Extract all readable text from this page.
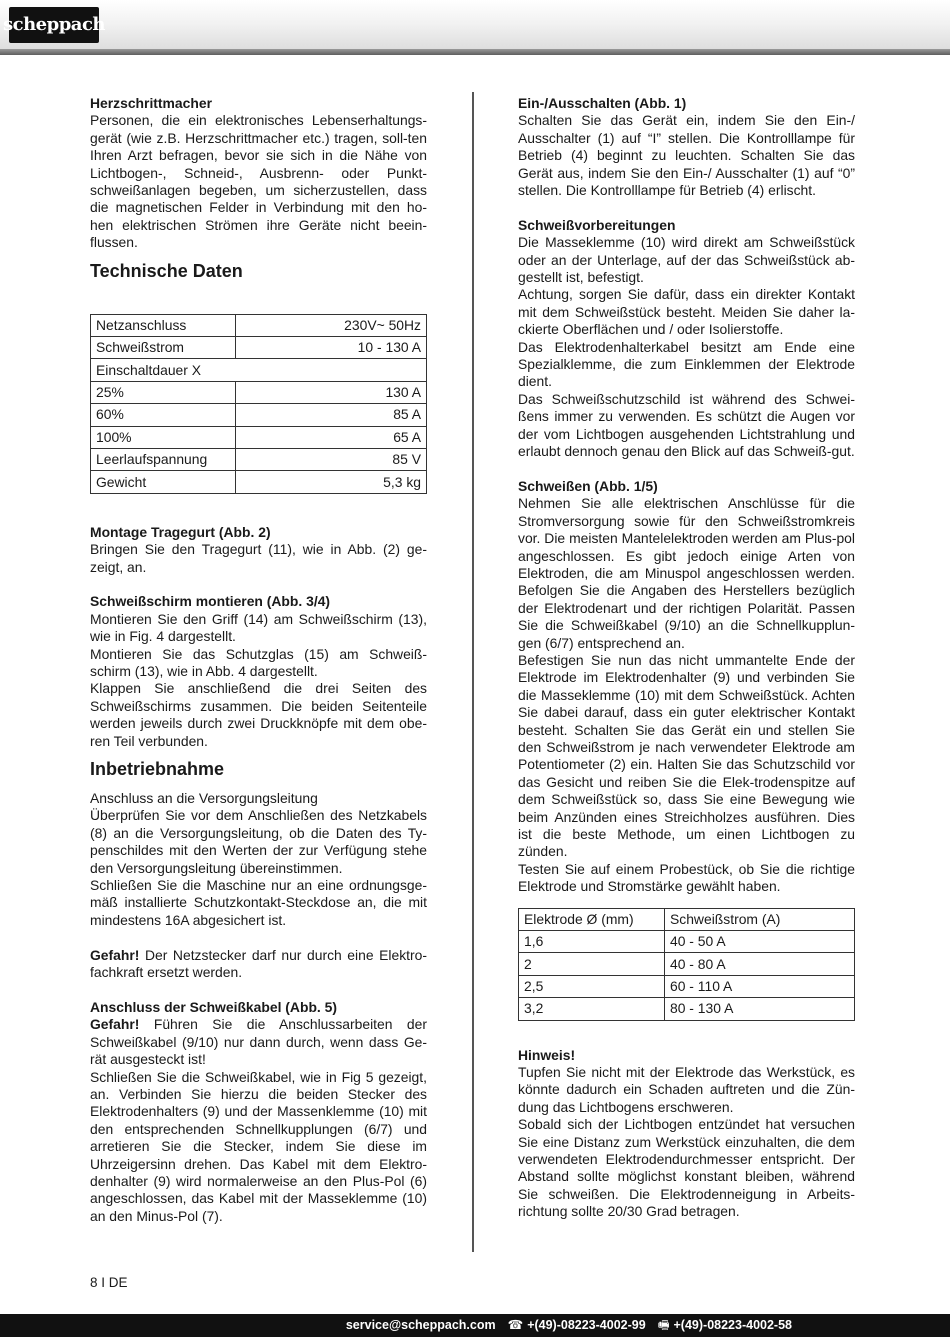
scheppach
Herzschrittmacher

Personen, die ein elektronisches Lebenserhaltungs-gerät (wie z.B. Herzschrittmacher etc.) tragen, soll-ten Ihren Arzt befragen, bevor sie sich in die Nähe von Lichtbogen-, Schneid-, Ausbrenn- oder Punkt-schweißanlagen begeben, um sicherzustellen, dass die magnetischen Felder in Verbindung mit den ho-hen elektrischen Strömen ihre Geräte nicht beein-flussen.

Technische Daten
Netzanschluss	230V~ 50Hz
Schweißstrom	10 - 130 A
Einschaltdauer X	
25%	130 A
60%	85 A
100%	65 A
Leerlaufspannung	85 V
Gewicht	5,3 kg
Montage Tragegurt (Abb. 2)

Bringen Sie den Tragegurt (11), wie in Abb. (2) ge-zeigt, an.

Schweißschirm montieren (Abb. 3/4)

Montieren Sie den Griff (14) am Schweißschirm (13), wie in Fig. 4 dargestellt.

Montieren Sie das Schutzglas (15) am Schweiß-schirm (13), wie in Abb. 4 dargestellt.

Klappen Sie anschließend die drei Seiten des Schweißschirms zusammen. Die beiden Seitenteile werden jeweils durch zwei Druckknöpfe mit dem obe-ren Teil verbunden.

Inbetriebnahme
Anschluss an die Versorgungsleitung

Überprüfen Sie vor dem Anschließen des Netzkabels (8) an die Versorgungsleitung, ob die Daten des Ty-penschildes mit den Werten der zur Verfügung stehe den Versorgungsleitung übereinstimmen.

Schließen Sie die Maschine nur an eine ordnungsge-mäß installierte Schutzkontakt-Steckdose an, die mit mindestens 16A abgesichert ist.

Gefahr! Der Netzstecker darf nur durch eine Elektro-fachkraft ersetzt werden.

Anschluss der Schweißkabel (Abb. 5)

Gefahr! Führen Sie die Anschlussarbeiten der Schweißkabel (9/10) nur dann durch, wenn dass Ge-rät ausgesteckt ist!

Schließen Sie die Schweißkabel, wie in Fig 5 gezeigt, an. Verbinden Sie hierzu die beiden Stecker des Elektrodenhalters (9) und der Massenklemme (10) mit den entsprechenden Schnellkupplungen (6/7) und arretieren Sie die Stecker, indem Sie diese im Uhrzeigersinn drehen. Das Kabel mit dem Elektro-denhalter (9) wird normalerweise an den Plus-Pol (6) angeschlossen, das Kabel mit der Masseklemme (10) an den Minus-Pol (7).

Ein-/Ausschalten (Abb. 1)

Schalten Sie das Gerät ein, indem Sie den Ein-/ Ausschalter (1) auf “I” stellen. Die Kontrolllampe für Betrieb (4) beginnt zu leuchten. Schalten Sie das Gerät aus, indem Sie den Ein-/ Ausschalter (1) auf “0” stellen. Die Kontrolllampe für Betrieb (4) erlischt.

Schweißvorbereitungen

Die Masseklemme (10) wird direkt am Schweißstück oder an der Unterlage, auf der das Schweißstück ab-gestellt ist, befestigt.

Achtung, sorgen Sie dafür, dass ein direkter Kontakt mit dem Schweißstück besteht. Meiden Sie daher la-ckierte Oberflächen und / oder Isolierstoffe.

Das Elektrodenhalterkabel besitzt am Ende eine Spezialklemme, die zum Einklemmen der Elektrode dient.

Das Schweißschutzschild ist während des Schwei-ßens immer zu verwenden. Es schützt die Augen vor der vom Lichtbogen ausgehenden Lichtstrahlung und erlaubt dennoch genau den Blick auf das Schweiß-gut.

Schweißen (Abb. 1/5)

Nehmen Sie alle elektrischen Anschlüsse für die Stromversorgung sowie für den Schweißstromkreis vor. Die meisten Mantelelektroden werden am Plus-pol angeschlossen. Es gibt jedoch einige Arten von Elektroden, die am Minuspol angeschlossen werden. Befolgen Sie die Angaben des Herstellers bezüglich der Elektrodenart und der richtigen Polarität. Passen Sie die Schweißkabel (9/10) an die Schnellkupplun-gen (6/7) entsprechend an.

Befestigen Sie nun das nicht ummantelte Ende der Elektrode im Elektrodenhalter (9) und verbinden Sie die Masseklemme (10) mit dem Schweißstück. Achten Sie dabei darauf, dass ein guter elektrischer Kontakt besteht. Schalten Sie das Gerät ein und stellen Sie den Schweißstrom je nach verwendeter Elektrode am Potentiometer (2) ein. Halten Sie das Schutzschild vor das Gesicht und reiben Sie die Elek-trodenspitze auf dem Schweißstück so, dass Sie eine Bewegung wie beim Anzünden eines Streichholzes ausführen. Dies ist die beste Methode, um einen Lichtbogen zu zünden.

Testen Sie auf einem Probestück, ob Sie die richtige Elektrode und Stromstärke gewählt haben.

Elektrode Ø (mm)	Schweißstrom (A)
1,6	40 - 50 A
2	40 - 80 A
2,5	60 - 110 A
3,2	80 - 130 A
Hinweis!

Tupfen Sie nicht mit der Elektrode das Werkstück, es könnte dadurch ein Schaden auftreten und die Zün-dung das Lichtbogens erschweren.

Sobald sich der Lichtbogen entzündet hat versuchen Sie eine Distanz zum Werkstück einzuhalten, die dem verwendeten Elektrodendurchmesser entspricht. Der Abstand sollte möglichst konstant bleiben, während Sie schweißen. Die Elektrodenneigung in Arbeits-richtung sollte 20/30 Grad betragen.

8 I DE
service@scheppach.com ☎ +(49)-08223-4002-99 🖷 +(49)-08223-4002-58
